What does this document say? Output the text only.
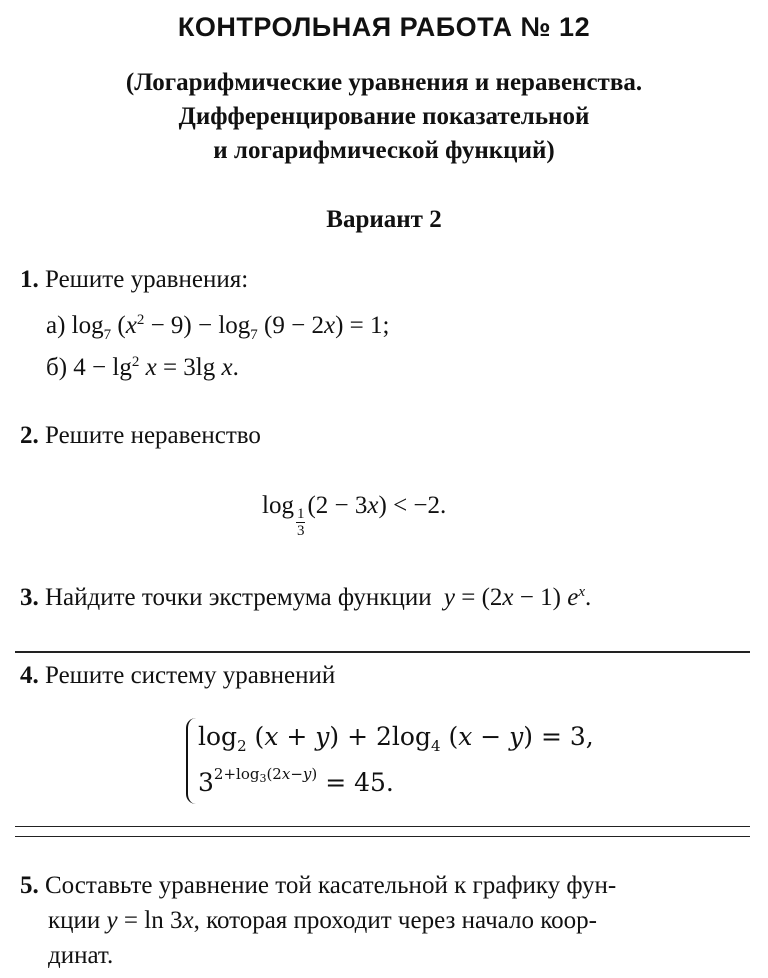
КОНТРОЛЬНАЯ РАБОТА № 12
(Логарифмические уравнения и неравенства.
Дифференцирование показательной
и логарифмической функций)
Вариант 2
1. Решите уравнения:
а) $\log_7 (x^2 - 9) - \log_7 (9 - 2x) = 1$;
б) $4 - \lg^2 x = 3\lg$ x.
2. Решите неравенство
log
$\frac{1}{3}$
(2 − 3x) < −2.
3. Найдите точки экстремума функции y = (2x − 1) $e^x$.
4. Решите систему уравнений
$\log_2 (x + y) + 2\log_4$ (x − y) = 3,
$3^{2+log_3(2x-y)} = 45$.
5. Составьте уравнение той касательной к графику фун-
кции y = ln 3x, которая проходит через начало коор-
динат.
